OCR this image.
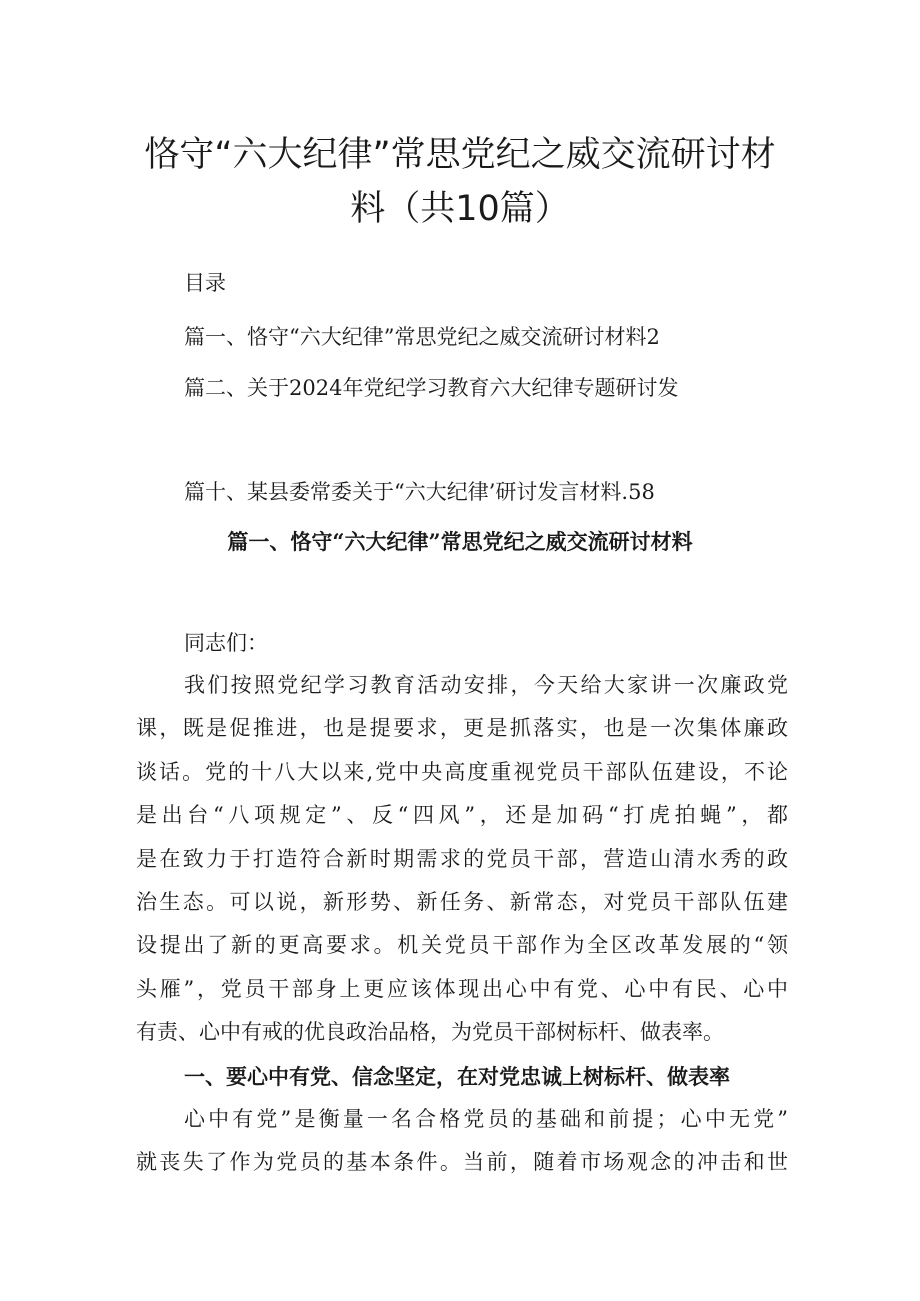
恪守“六大纪律”常思党纪之威交流研讨材
料（共10篇）
目录
篇一、恪守“六大纪律”常思党纪之威交流研讨材料2
篇二、关于2024年党纪学习教育六大纪律专题研讨发
篇十、某县委常委关于“六大纪律’研讨发言材料.58
篇一、恪守“六大纪律”常思党纪之威交流研讨材料
同志们：
我们按照党纪学习教育活动安排，今天给大家讲一次廉政党
课，既是促推进，也是提要求，更是抓落实，也是一次集体廉政
谈话。党的十八大以来,党中央高度重视党员干部队伍建设，不论
是出台“八项规定”、反“四风”，还是加码“打虎拍蝇”，都
是在致力于打造符合新时期需求的党员干部，营造山清水秀的政
治生态。可以说，新形势、新任务、新常态，对党员干部队伍建
设提出了新的更高要求。机关党员干部作为全区改革发展的“领
头雁”，党员干部身上更应该体现出心中有党、心中有民、心中
有责、心中有戒的优良政治品格，为党员干部树标杆、做表率。
一、要心中有党、信念坚定，在对党忠诚上树标杆、做表率
心中有党”是衡量一名合格党员的基础和前提；心中无党”
就丧失了作为党员的基本条件。当前，随着市场观念的冲击和世
